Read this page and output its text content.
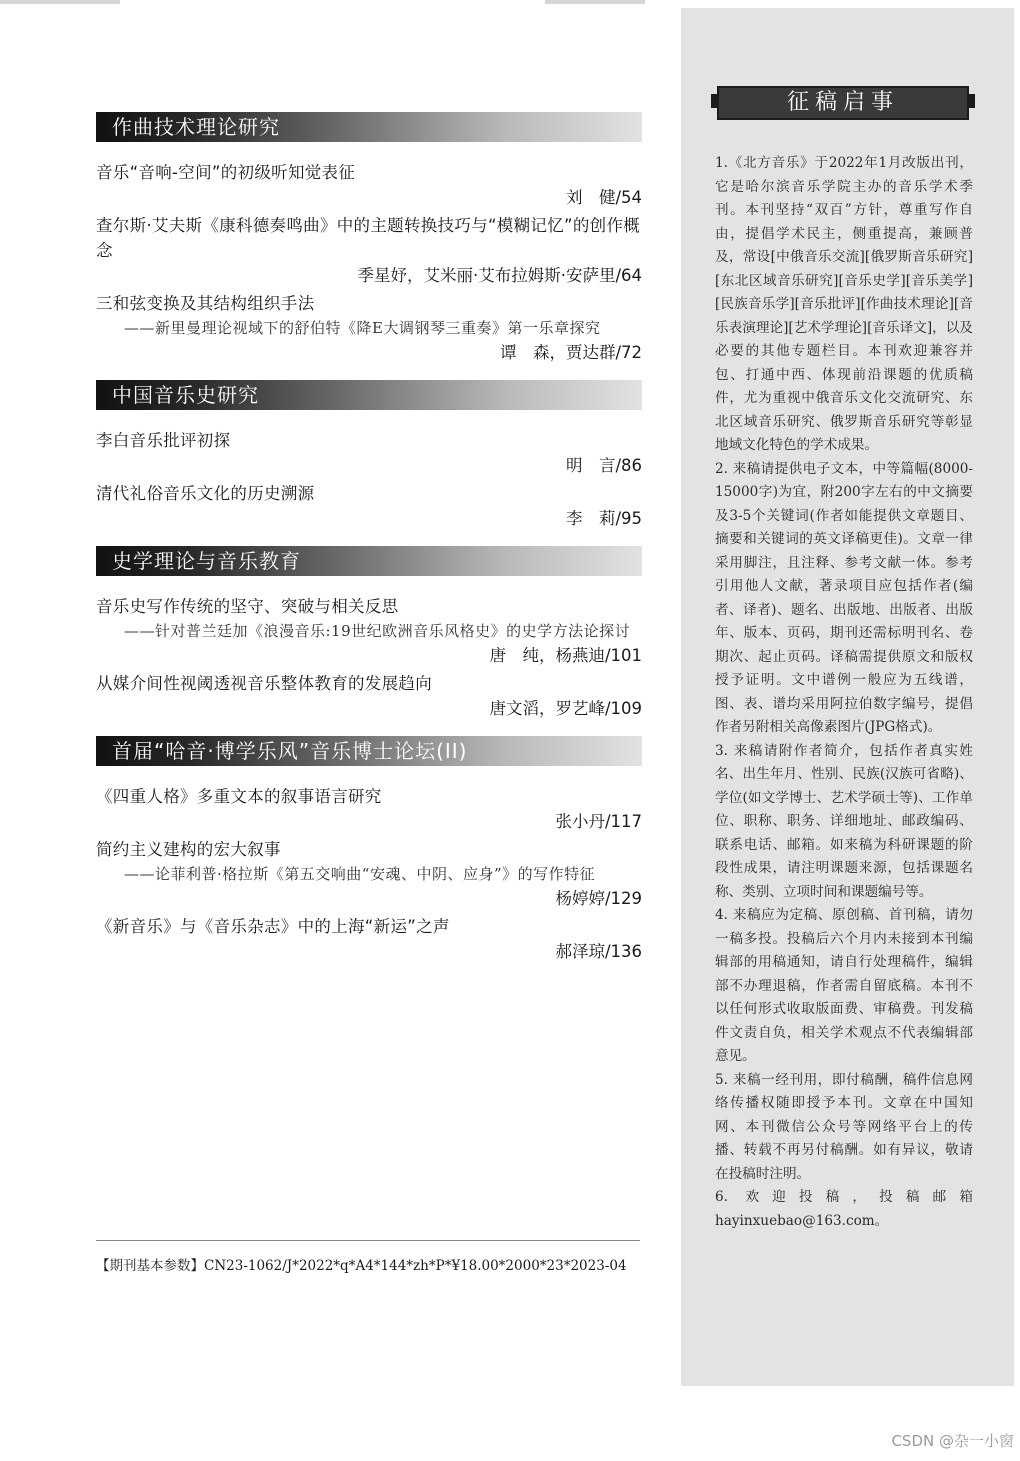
作曲技术理论研究
音乐“音响-空间”的初级听知觉表征
刘　健/54
查尔斯·艾夫斯《康科德奏鸣曲》中的主题转换技巧与“模糊记忆”的创作概念
季星妤，艾米丽·艾布拉姆斯·安萨里/64
三和弦变换及其结构组织手法
——新里曼理论视域下的舒伯特《降E大调钢琴三重奏》第一乐章探究
谭　森，贾达群/72
中国音乐史研究
李白音乐批评初探
明　言/86
清代礼俗音乐文化的历史溯源
李　莉/95
史学理论与音乐教育
音乐史写作传统的坚守、突破与相关反思
——针对普兰廷加《浪漫音乐:19世纪欧洲音乐风格史》的史学方法论探讨
唐　纯，杨燕迪/101
从媒介间性视阈透视音乐整体教育的发展趋向
唐文滔，罗艺峰/109
首届“哈音·博学乐风”音乐博士论坛(II)
《四重人格》多重文本的叙事语言研究
张小丹/117
简约主义建构的宏大叙事
——论菲利普·格拉斯《第五交响曲“安魂、中阴、应身”》的写作特征
杨婷婷/129
《新音乐》与《音乐杂志》中的上海“新运”之声
郝泽琼/136
【期刊基本参数】CN23-1062/J*2022*q*A4*144*zh*P*¥18.00*2000*23*2023-04
征稿启事

1.《北方音乐》于2022年1月改版出刊，它是哈尔滨音乐学院主办的音乐学术季刊。本刊坚持“双百”方针，尊重写作自由，提倡学术民主，侧重提高，兼顾普及，常设[中俄音乐交流][俄罗斯音乐研究][东北区域音乐研究][音乐史学][音乐美学][民族音乐学][音乐批评][作曲技术理论][音乐表演理论][艺术学理论][音乐译文]，以及必要的其他专题栏目。本刊欢迎兼容并包、打通中西、体现前沿课题的优质稿件，尤为重视中俄音乐文化交流研究、东北区域音乐研究、俄罗斯音乐研究等彰显地域文化特色的学术成果。

2. 来稿请提供电子文本，中等篇幅(8000-15000字)为宜，附200字左右的中文摘要及3-5个关键词(作者如能提供文章题目、摘要和关键词的英文译稿更佳)。文章一律采用脚注，且注释、参考文献一体。参考引用他人文献，著录项目应包括作者(编者、译者)、题名、出版地、出版者、出版年、版本、页码，期刊还需标明刊名、卷期次、起止页码。译稿需提供原文和版权授予证明。文中谱例一般应为五线谱，图、表、谱均采用阿拉伯数字编号，提倡作者另附相关高像素图片(JPG格式)。

3. 来稿请附作者简介，包括作者真实姓名、出生年月、性别、民族(汉族可省略)、学位(如文学博士、艺术学硕士等)、工作单位、职称、职务、详细地址、邮政编码、联系电话、邮箱。如来稿为科研课题的阶段性成果，请注明课题来源，包括课题名称、类别、立项时间和课题编号等。

4. 来稿应为定稿、原创稿、首刊稿，请勿一稿多投。投稿后六个月内未接到本刊编辑部的用稿通知，请自行处理稿件，编辑部不办理退稿，作者需自留底稿。本刊不以任何形式收取版面费、审稿费。刊发稿件文责自负，相关学术观点不代表编辑部意见。

5. 来稿一经刊用，即付稿酬，稿件信息网络传播权随即授予本刊。文章在中国知网、本刊微信公众号等网络平台上的传播、转载不再另付稿酬。如有异议，敬请在投稿时注明。

6. 欢迎投稿，投稿邮箱 hayinxuebao@163.com。

CSDN @杂一小窗
